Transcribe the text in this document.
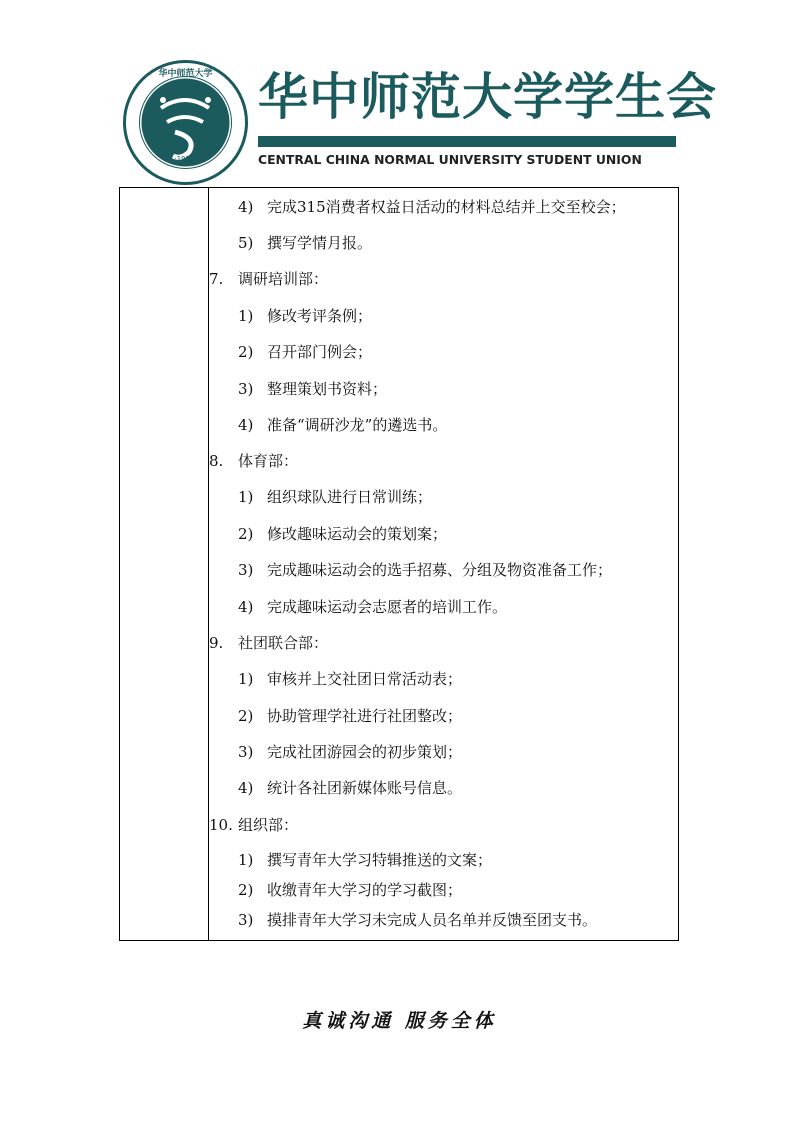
·1951·
华中师范大学 华中师范大学学生会
CENTRAL CHINA NORMAL UNIVERSITY STUDENT UNION
4) 完成315消费者权益日活动的材料总结并上交至校会；
5) 撰写学情月报。
7. 调研培训部：
1) 修改考评条例；
2) 召开部门例会；
3) 整理策划书资料；
4) 准备“调研沙龙”的遴选书。
8. 体育部：
1) 组织球队进行日常训练；
2) 修改趣味运动会的策划案；
3) 完成趣味运动会的选手招募、分组及物资准备工作；
4) 完成趣味运动会志愿者的培训工作。
9. 社团联合部：
1) 审核并上交社团日常活动表；
2) 协助管理学社进行社团整改；
3) 完成社团游园会的初步策划；
4) 统计各社团新媒体账号信息。
10. 组织部：
1) 撰写青年大学习特辑推送的文案；
2) 收缴青年大学习的学习截图；
3) 摸排青年大学习未完成人员名单并反馈至团支书。
真诚沟通 服务全体
